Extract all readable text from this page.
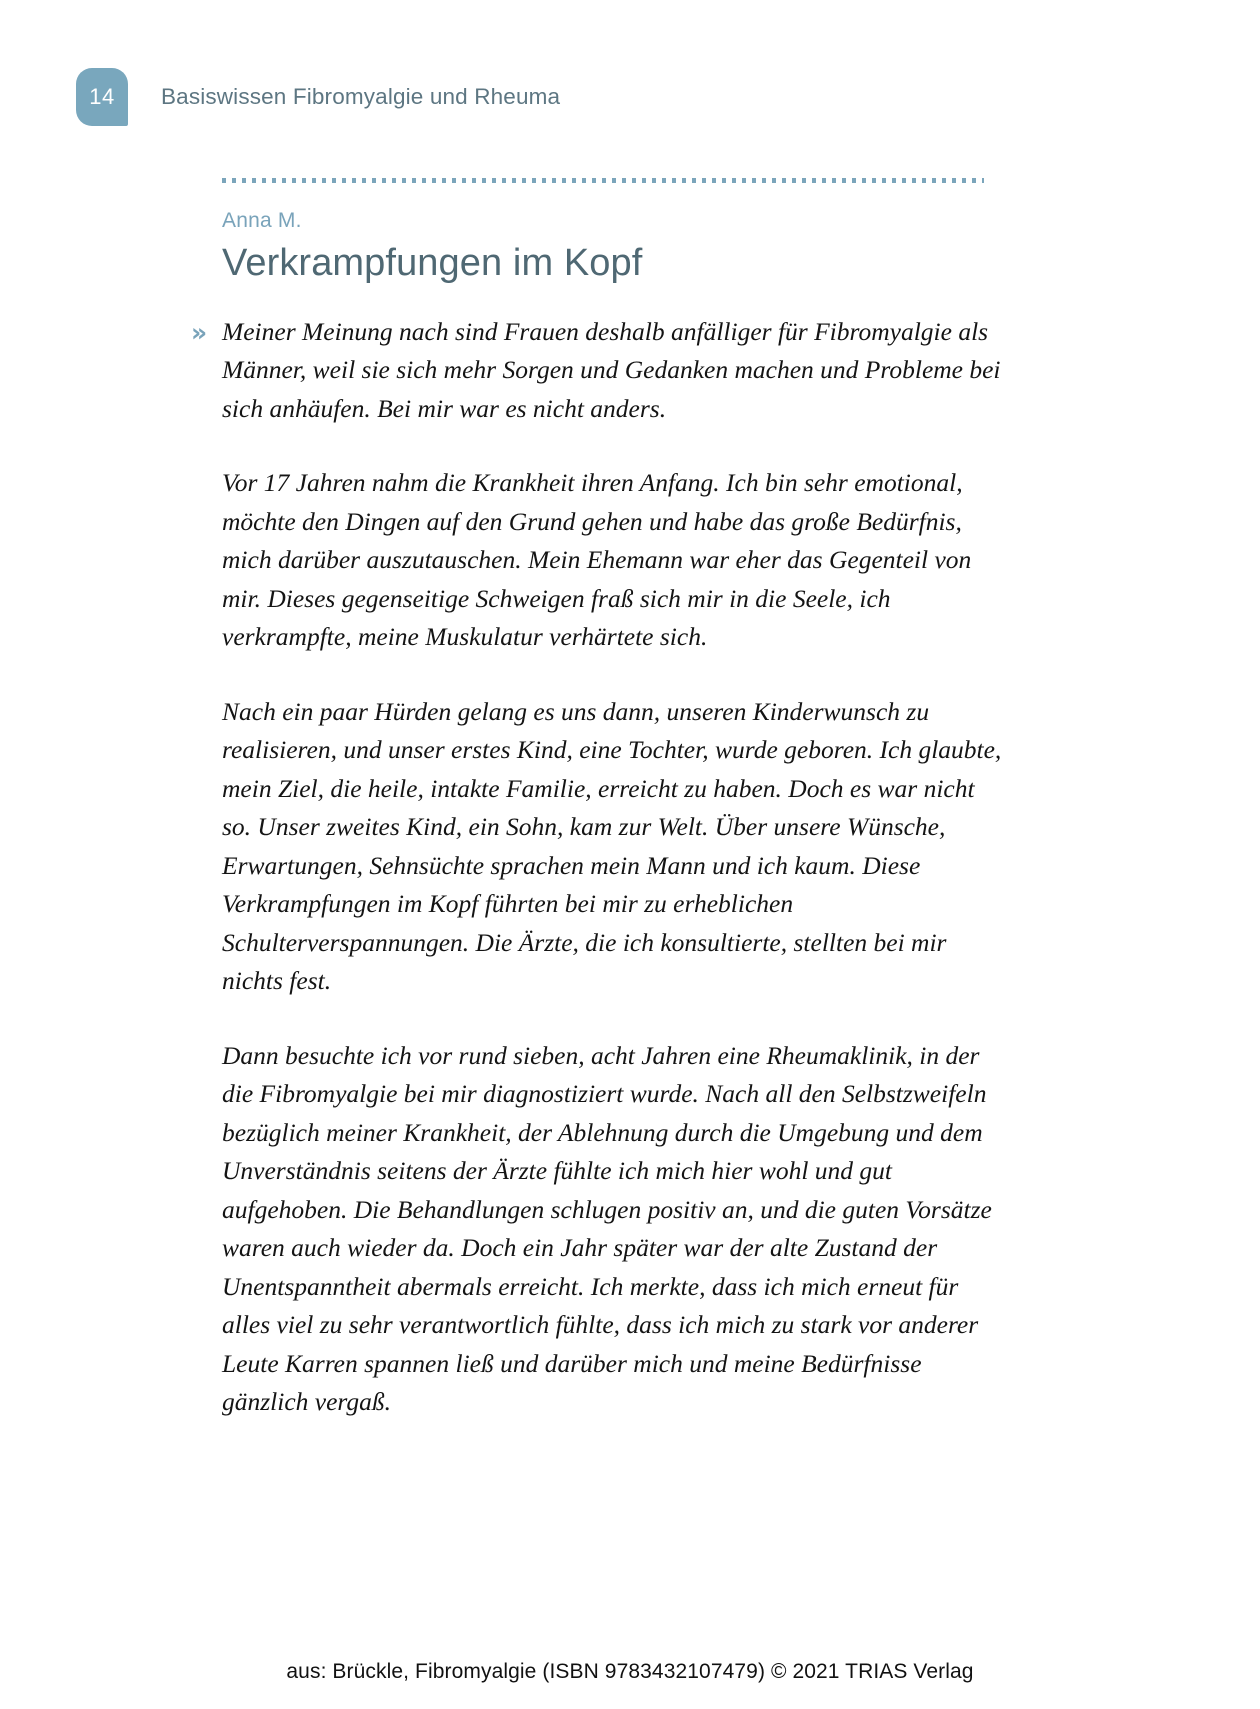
14	Basiswissen Fibromyalgie und Rheuma
Anna M.
Verkrampfungen im Kopf

» Meiner Meinung nach sind Frauen deshalb anfälliger für Fibromyalgie als Männer, weil sie sich mehr Sorgen und Gedanken machen und Probleme bei sich anhäufen. Bei mir war es nicht anders.

Vor 17 Jahren nahm die Krankheit ihren Anfang. Ich bin sehr emotional, möchte den Dingen auf den Grund gehen und habe das große Bedürfnis, mich darüber auszutauschen. Mein Ehemann war eher das Gegenteil von mir. Dieses gegenseitige Schweigen fraß sich mir in die Seele, ich verkrampfte, meine Muskulatur verhärtete sich.

Nach ein paar Hürden gelang es uns dann, unseren Kinderwunsch zu realisieren, und unser erstes Kind, eine Tochter, wurde geboren. Ich glaubte, mein Ziel, die heile, intakte Familie, erreicht zu haben. Doch es war nicht so. Unser zweites Kind, ein Sohn, kam zur Welt. Über unsere Wünsche, Erwartungen, Sehnsüchte sprachen mein Mann und ich kaum. Diese Verkrampfungen im Kopf führten bei mir zu erheblichen Schulterverspannungen. Die Ärzte, die ich konsultierte, stellten bei mir nichts fest.

Dann besuchte ich vor rund sieben, acht Jahren eine Rheumaklinik, in der die Fibromyalgie bei mir diagnostiziert wurde. Nach all den Selbstzweifeln bezüglich meiner Krankheit, der Ablehnung durch die Umgebung und dem Unverständnis seitens der Ärzte fühlte ich mich hier wohl und gut aufgehoben. Die Behandlungen schlugen positiv an, und die guten Vorsätze waren auch wieder da. Doch ein Jahr später war der alte Zustand der Unentspanntheit abermals erreicht. Ich merkte, dass ich mich erneut für alles viel zu sehr verantwortlich fühlte, dass ich mich zu stark vor anderer Leute Karren spannen ließ und darüber mich und meine Bedürfnisse gänzlich vergaß.

aus: Brückle, Fibromyalgie (ISBN 9783432107479) © 2021 TRIAS Verlag
